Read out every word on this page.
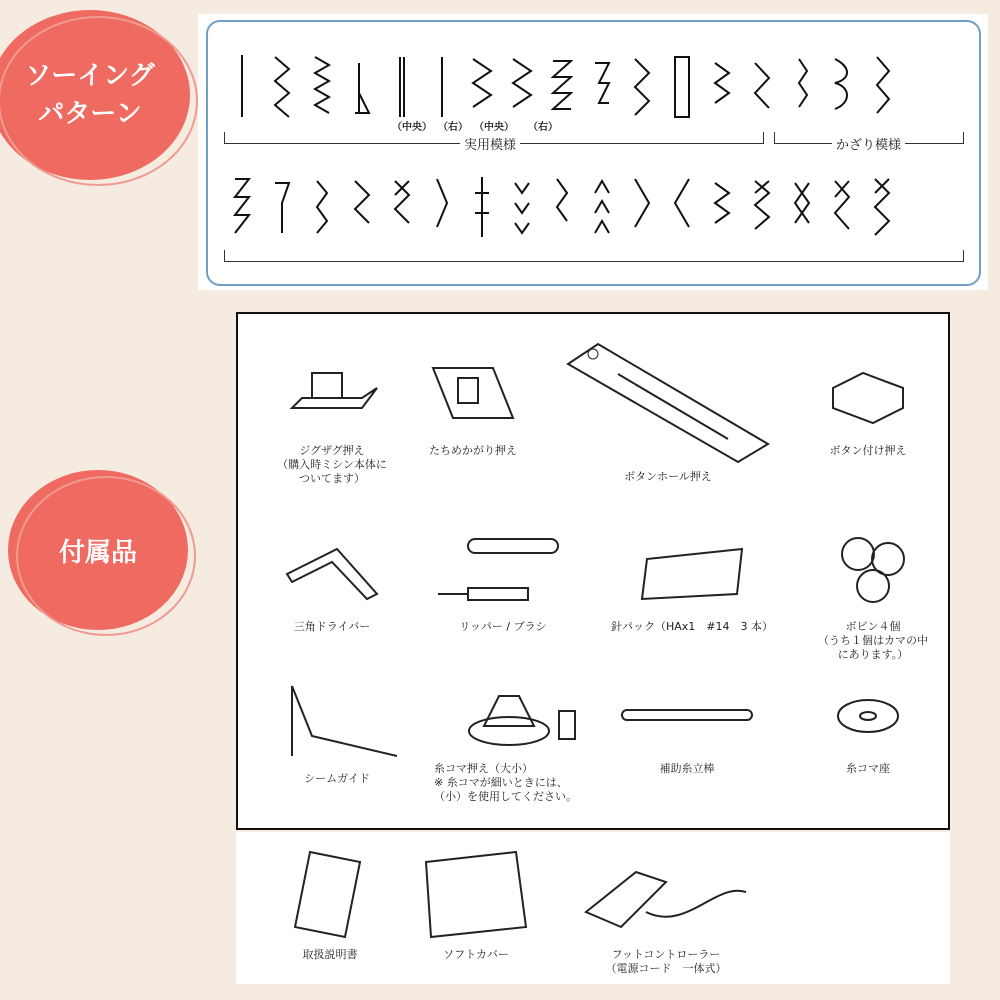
ソーイング
パターン	（中央） （右） （中央） （右）
実用模様	かざり模様
付属品
ジグザグ押え
（購入時ミシン本体に
ついてます）
たちめかがり押え
ボタンホール押え
ボタン付け押え
三角ドライバー	リッパー / ブラシ	針パック（HAx1　#14　3 本）	ボビン４個
（うち１個はカマの中
にあります。）
シームガイド
糸コマ押え（大小）
※ 糸コマが細いときには、
（小）を使用してください。
補助糸立棒	糸コマ座
取扱説明書	ソフトカバー	フットコントローラー
（電源コード　一体式）
